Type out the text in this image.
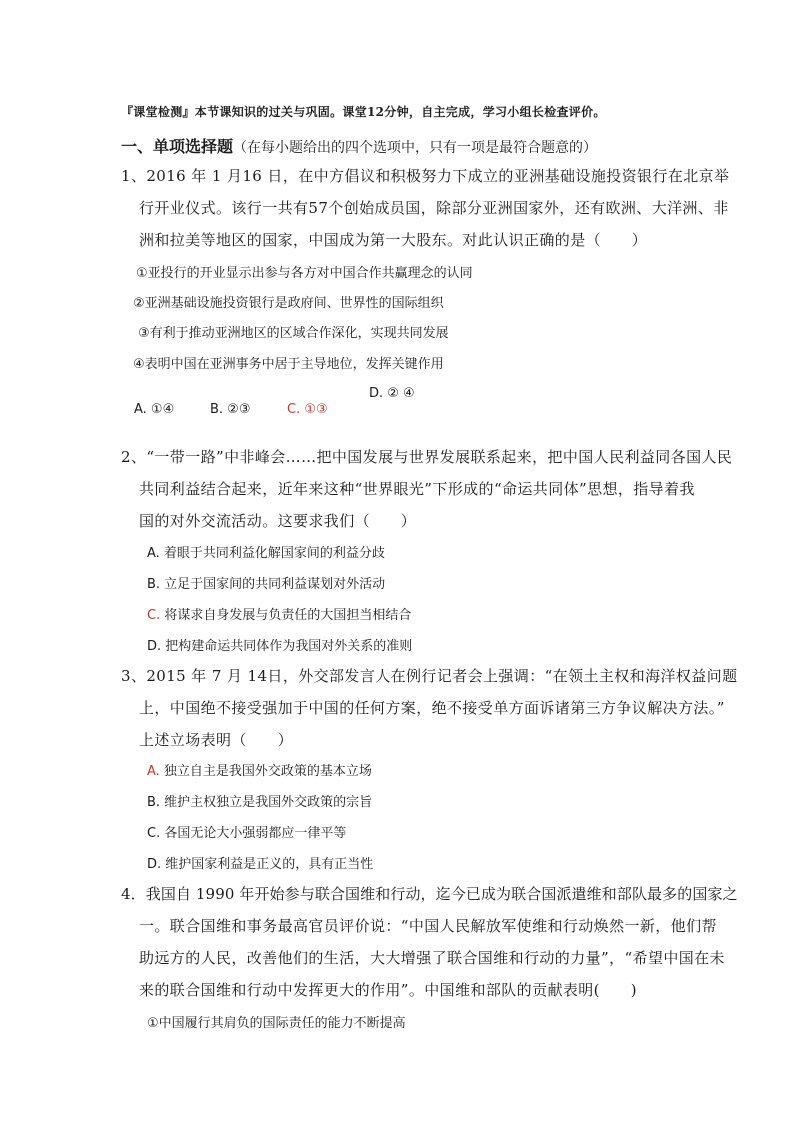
『课堂检测』本节课知识的过关与巩固。课堂12分钟，自主完成，学习小组长检查评价。
一、单项选择题（在每小题给出的四个选项中，只有一项是最符合题意的）
1、2016 年 1 月16 日，在中方倡议和积极努力下成立的亚洲基础设施投资银行在北京举
行开业仪式。该行一共有57个创始成员国，除部分亚洲国家外，还有欧洲、大洋洲、非
洲和拉美等地区的国家，中国成为第一大股东。对此认识正确的是（　　）
①亚投行的开业显示出参与各方对中国合作共赢理念的认同
②亚洲基础设施投资银行是政府间、世界性的国际组织
③有利于推动亚洲地区的区域合作深化，实现共同发展
④表明中国在亚洲事务中居于主导地位，发挥关键作用
D. ② ④
A. ①④	B. ②③	C. ①③
2、“一带一路”中非峰会……把中国发展与世界发展联系起来，把中国人民利益同各国人民
共同利益结合起来，近年来这种“世界眼光”下形成的“命运共同体”思想，指导着我
国的对外交流活动。这要求我们（　　）
A. 着眼于共同利益化解国家间的利益分歧
B. 立足于国家间的共同利益谋划对外活动
C. 将谋求自身发展与负责任的大国担当相结合
D. 把构建命运共同体作为我国对外关系的准则
3、2015 年 7 月 14日，外交部发言人在例行记者会上强调：“在领土主权和海洋权益问题
上，中国绝不接受强加于中国的任何方案，绝不接受单方面诉诸第三方争议解决方法。”
上述立场表明（　　）
A. 独立自主是我国外交政策的基本立场
B. 维护主权独立是我国外交政策的宗旨
C. 各国无论大小强弱都应一律平等
D. 维护国家利益是正义的，具有正当性
4．我国自 1990 年开始参与联合国维和行动，迄今已成为联合国派遣维和部队最多的国家之
一。联合国维和事务最高官员评价说：“中国人民解放军使维和行动焕然一新，他们帮
助远方的人民，改善他们的生活，大大增强了联合国维和行动的力量”，“希望中国在未
来的联合国维和行动中发挥更大的作用”。中国维和部队的贡献表明(　　)
①中国履行其肩负的国际责任的能力不断提高
